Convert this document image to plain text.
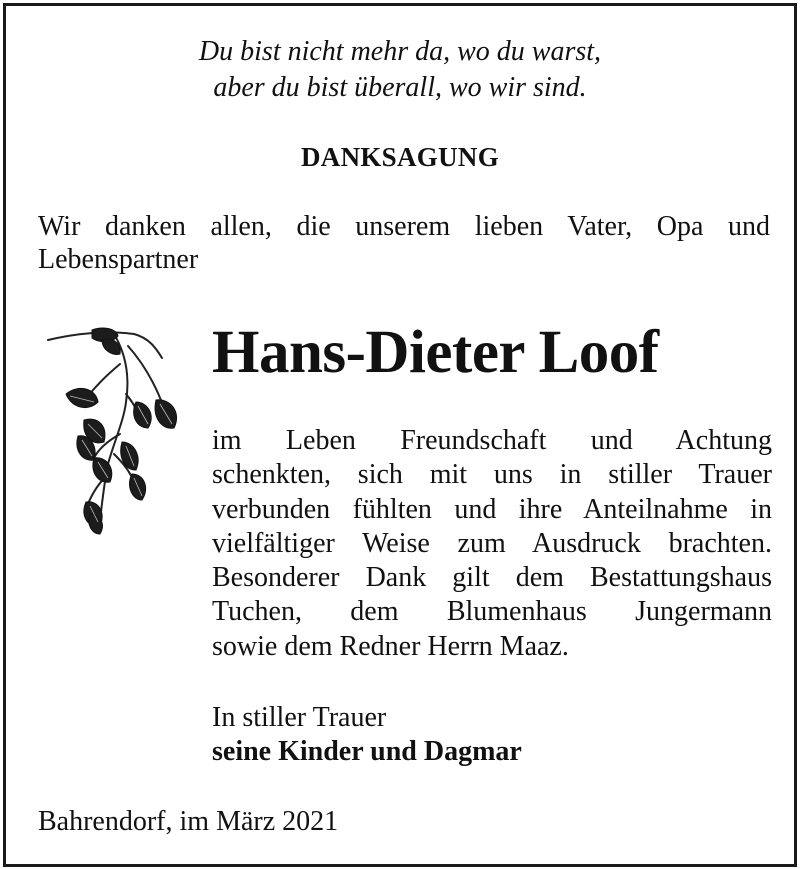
Du bist nicht mehr da, wo du warst,
aber du bist überall, wo wir sind.
DANKSAGUNG
Wir danken allen, die unserem lieben Vater, Opa und
Lebenspartner
Hans-Dieter Loof
im Leben Freundschaft und Achtung
schenkten, sich mit uns in stiller Trauer
verbunden fühlten und ihre Anteilnahme in
vielfältiger Weise zum Ausdruck brachten.
Besonderer Dank gilt dem Bestattungshaus
Tuchen, dem Blumenhaus Jungermann
sowie dem Redner Herrn Maaz.
In stiller Trauer
seine Kinder und Dagmar
Bahrendorf, im März 2021
